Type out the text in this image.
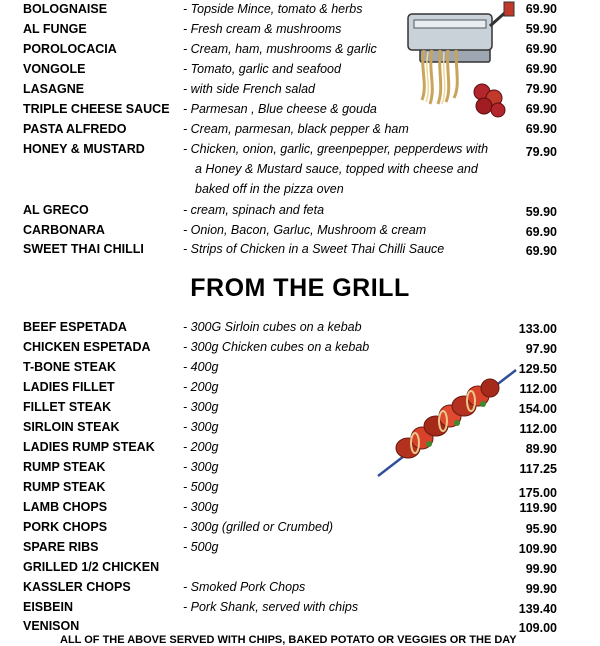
BOLOGNAISE	- Topside Mince, tomato & herbs	69.90
AL FUNGE	- Fresh cream & mushrooms	59.90
POROLOCACIA	- Cream, ham, mushrooms & garlic	69.90
VONGOLE	- Tomato, garlic and seafood	69.90
LASAGNE	- with side French salad	79.90
TRIPLE CHEESE SAUCE - Parmesan , Blue cheese & gouda	69.90
PASTA ALFREDO	- Cream, parmesan, black pepper & ham	69.90
HONEY & MUSTARD	- Chicken, onion, garlic, greenpepper, pepperdews with	79.90
a Honey & Mustard sauce, topped with cheese and
baked off in the pizza oven
AL GRECO	- cream, spinach and feta	59.90
CARBONARA	- Onion, Bacon, Garluc, Mushroom & cream	69.90
SWEET THAI CHILLI	- Strips of Chicken in a Sweet Thai Chilli Sauce	69.90
FROM THE GRILL
BEEF ESPETADA	- 300G Sirloin cubes on a kebab	133.00
CHICKEN ESPETADA	- 300g Chicken cubes on a kebab	97.90
T-BONE STEAK	- 400g	129.50
LADIES FILLET	- 200g	112.00
FILLET STEAK	- 300g	154.00
SIRLOIN STEAK	- 300g	112.00
LADIES RUMP STEAK - 200g	89.90
RUMP STEAK	- 300g	117.25
RUMP STEAK	- 500g	175.00
LAMB CHOPS	- 300g	119.90
PORK CHOPS	- 300g (grilled or Crumbed)	95.90
SPARE RIBS	- 500g	109.90
GRILLED 1/2 CHICKEN	99.90
KASSLER CHOPS	- Smoked Pork Chops	99.90
EISBEIN	- Pork Shank, served with chips	139.40
VENISON	109.00
ALL OF THE ABOVE SERVED WITH CHIPS, BAKED POTATO OR VEGGIES OR THE DAY
